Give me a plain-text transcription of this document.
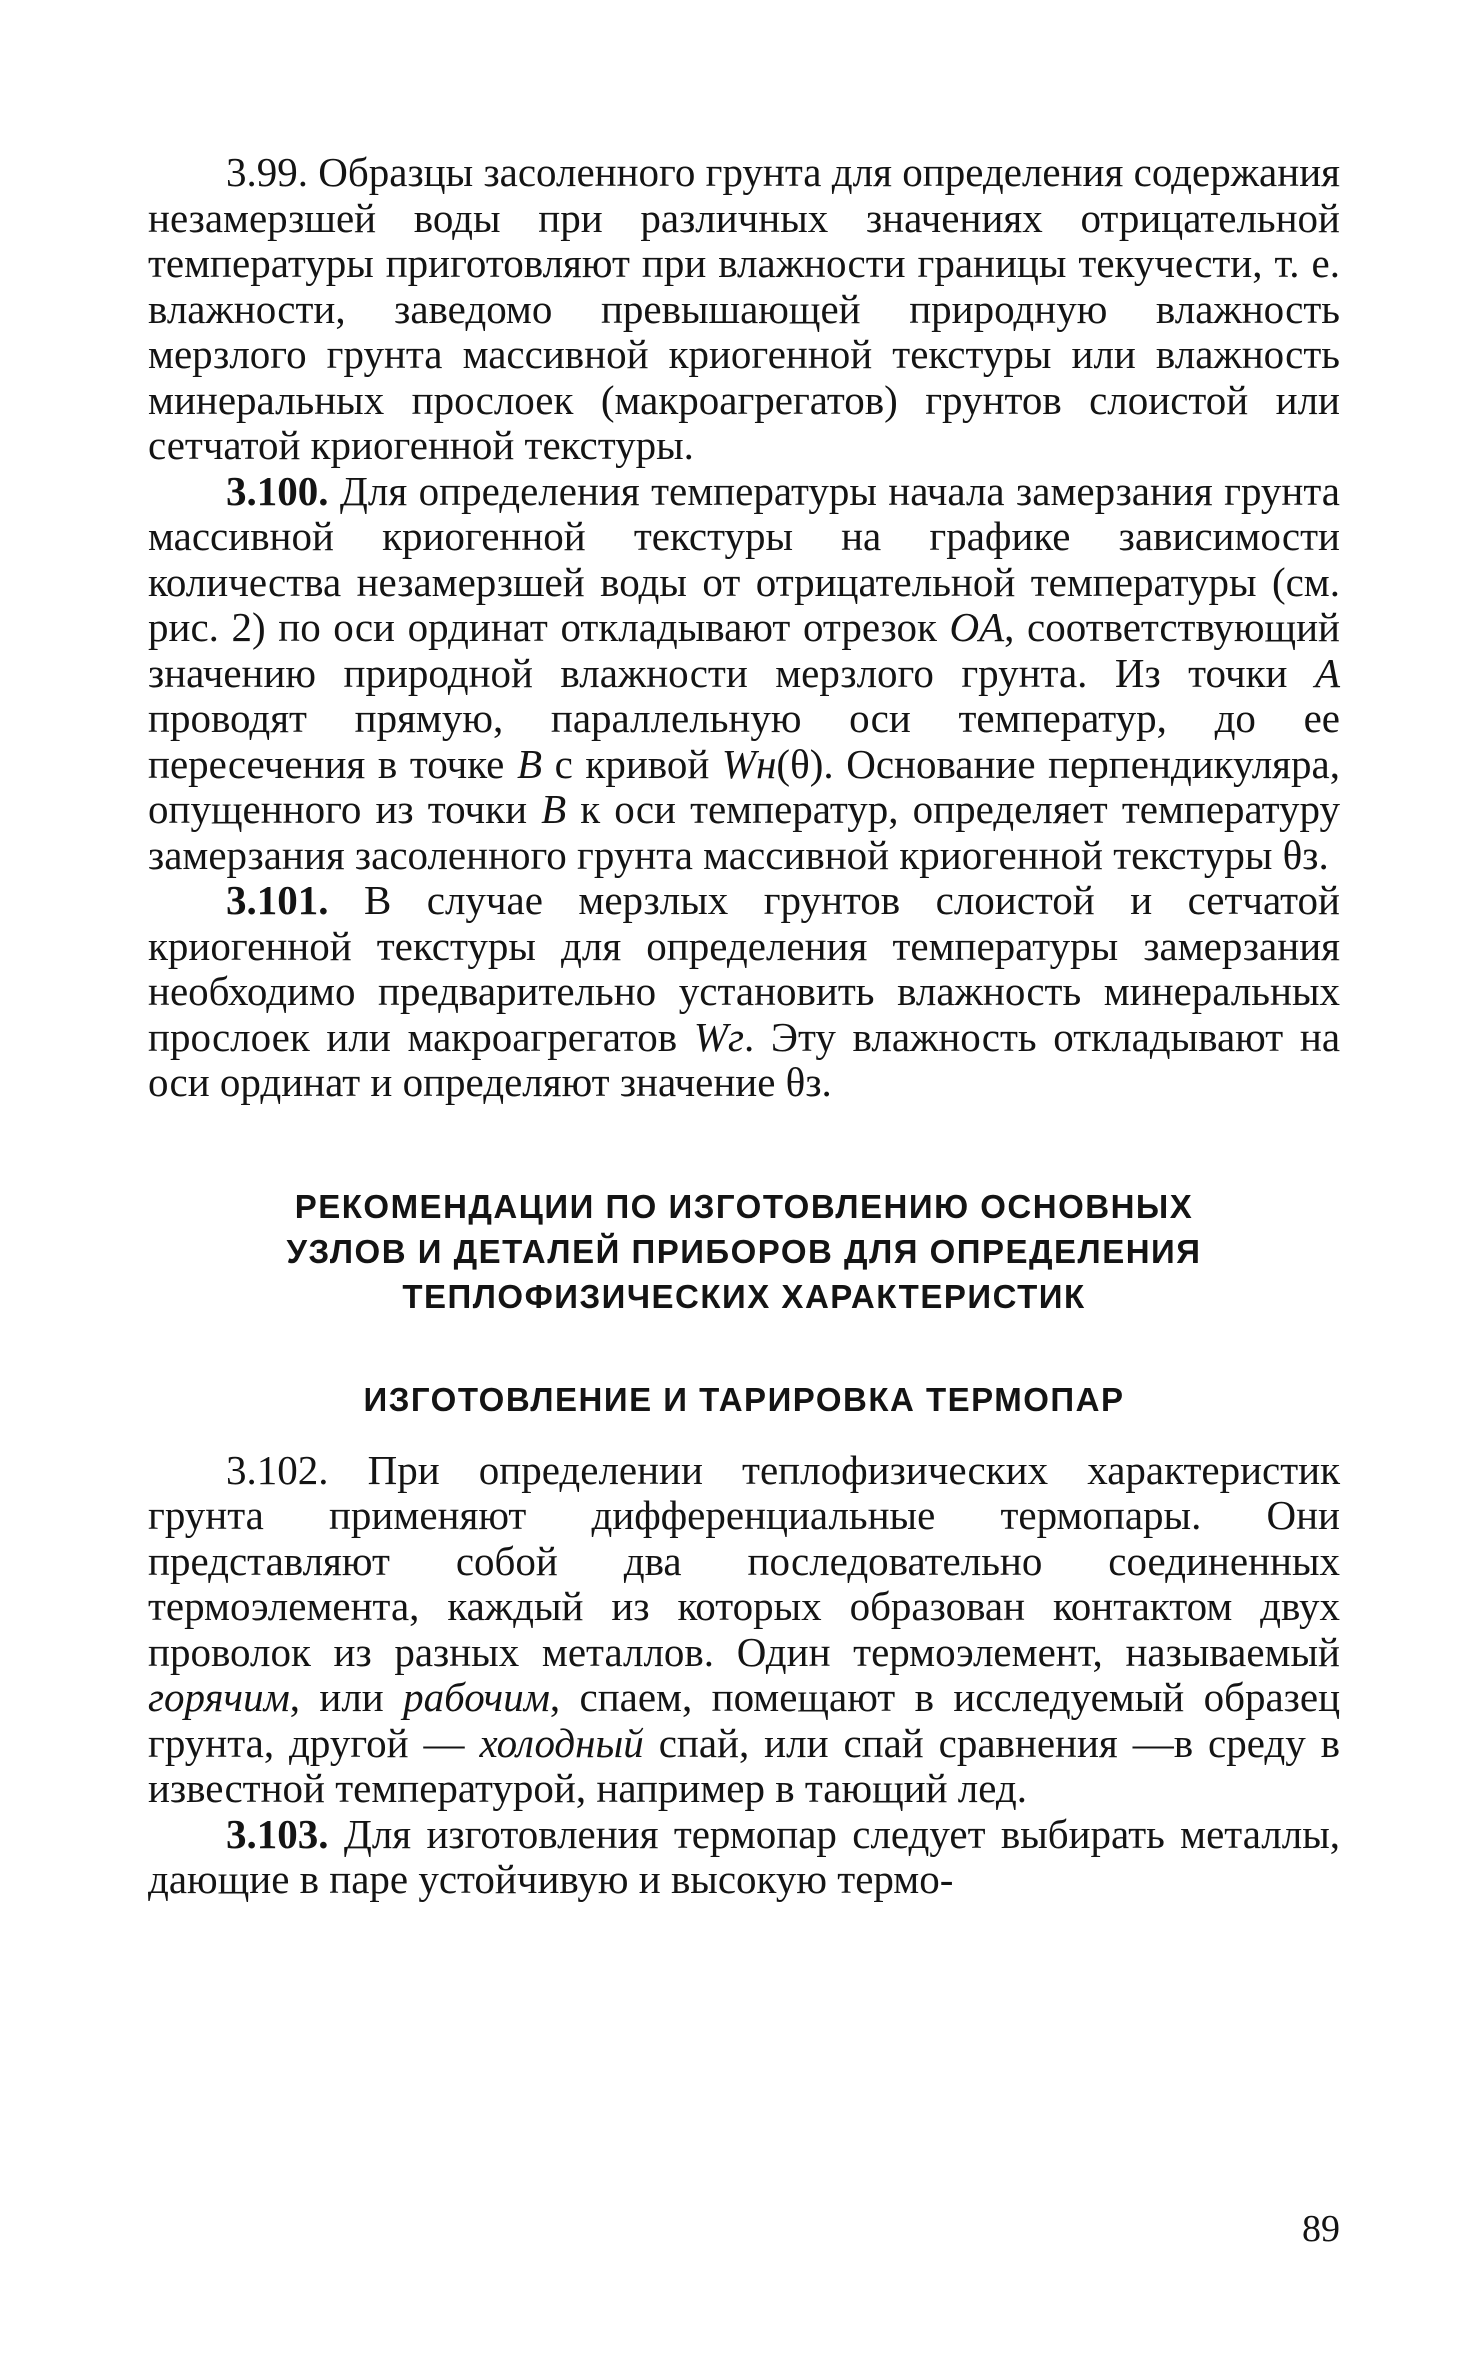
3.99. Образцы засоленного грунта для определения содержания незамерзшей воды при различных значениях отрицательной температуры приготовляют при влажности границы текучести, т. е. влажности, заведомо превышающей природную влажность мерзлого грунта массивной криогенной текстуры или влажность минеральных прослоек (макроагрегатов) грунтов слоистой или сетчатой криогенной текстуры.

3.100. Для определения температуры начала замерзания грунта массивной криогенной текстуры на графике зависимости количества незамерзшей воды от отрицательной температуры (см. рис. 2) по оси ординат откладывают отрезок OA, соответствующий значению природной влажности мерзлого грунта. Из точки A проводят прямую, параллельную оси температур, до ее пересечения в точке B с кривой Wн(θ). Основание перпендикуляра, опущенного из точки B к оси температур, определяет температуру замерзания засоленного грунта массивной криогенной текстуры θз.

3.101. В случае мерзлых грунтов слоистой и сетчатой криогенной текстуры для определения температуры замерзания необходимо предварительно установить влажность минеральных прослоек или макроагрегатов Wг. Эту влажность откладывают на оси ординат и определяют значение θз.

РЕКОМЕНДАЦИИ ПО ИЗГОТОВЛЕНИЮ ОСНОВНЫХ УЗЛОВ И ДЕТАЛЕЙ ПРИБОРОВ ДЛЯ ОПРЕДЕЛЕНИЯ ТЕПЛОФИЗИЧЕСКИХ ХАРАКТЕРИСТИК
ИЗГОТОВЛЕНИЕ И ТАРИРОВКА ТЕРМОПАР

3.102. При определении теплофизических характеристик грунта применяют дифференциальные термопары. Они представляют собой два последовательно соединенных термоэлемента, каждый из которых образован контактом двух проволок из разных металлов. Один термоэлемент, называемый горячим, или рабочим, спаем, помещают в исследуемый образец грунта, другой — холодный спай, или спай сравнения —в среду в известной температурой, например в тающий лед.

3.103. Для изготовления термопар следует выбирать металлы, дающие в паре устойчивую и высокую термо-

89
